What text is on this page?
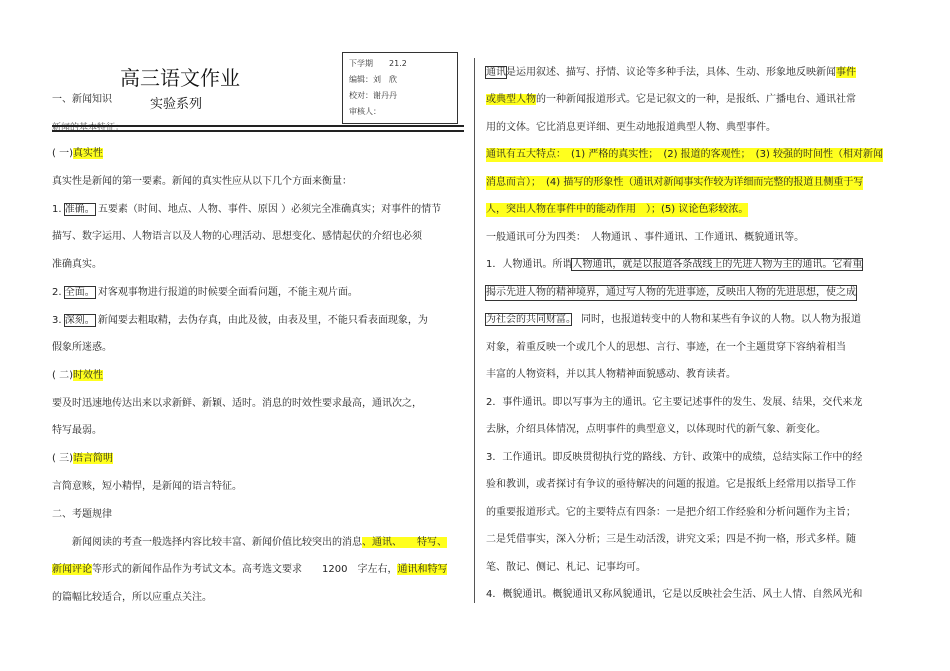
高三语文作业
实验系列
一、新闻知识
下学期　　 21.2
编辑：刘　欣
校对：谢丹丹
审核人：
新闻的基本特征：
( 一)真实性
真实性是新闻的第一要素。新闻的真实性应从以下几个方面来衡量：
1. 准确。 五要素（时间、地点、人物、事件、原因 ）必须完全准确真实；对事件的情节
描写、数字运用、人物语言以及人物的心理活动、思想变化、感情起伏的介绍也必须
准确真实。
2. 全面。 对客观事物进行报道的时候要全面看问题，不能主观片面。
3. 深刻。 新闻要去粗取精，去伪存真，由此及彼，由表及里，不能只看表面现象，为
假象所迷惑。
( 二)时效性
要及时迅速地传达出来以求新鲜、新颖、适时。消息的时效性要求最高，通讯次之，
特写最弱。
( 三)语言简明
言简意赅，短小精悍，是新闻的语言特征。
二、考题规律
新闻阅读的考查一般选择内容比较丰富、新闻价值比较突出的消息、通讯、　　特写、
新闻评论等形式的新闻作品作为考试文本。高考选文要求　　1200　字左右，通讯和特写
的篇幅比较适合，所以应重点关注。
通讯是运用叙述、描写、抒情、议论等多种手法，具体、生动、形象地反映新闻事件
或典型人物的一种新闻报道形式。它是记叙文的一种，是报纸、广播电台、通讯社常
用的文体。它比消息更详细、更生动地报道典型人物、典型事件。
通讯有五大特点：　(1) 严格的真实性；　(2) 报道的客观性；　(3) 较强的时间性（相对新闻
消息而言）；　(4) 描写的形象性（通讯对新闻事实作较为详细而完整的报道且侧重于写
人，突出人物在事件中的能动作用　）；(5) 议论色彩较浓。
一般通讯可分为四类：　人物通讯 、事件通讯、工作通讯、概貌通讯等。
1．人物通讯。所谓人物通讯，就是以报道各条战线上的先进人物为主的通讯。它着重
揭示先进人物的精神境界，通过写人物的先进事迹，反映出人物的先进思想，使之成
为社会的共同财富。　 同时，也报道转变中的人物和某些有争议的人物。以人物为报道
对象，着重反映一个或几个人的思想、言行、事迹，在一个主题贯穿下容纳着相当
丰富的人物资料，并以其人物精神面貌感动、教育读者。
2．事件通讯。即以写事为主的通讯。它主要记述事件的发生、发展、结果，交代来龙
去脉，介绍具体情况，点明事件的典型意义，以体现时代的新气象、新变化。
3．工作通讯。即反映贯彻执行党的路线、方针、政策中的成绩，总结实际工作中的经
验和教训，或者探讨有争议的亟待解决的问题的报道。它是报纸上经常用以指导工作
的重要报道形式。它的主要特点有四条：一是把介绍工作经验和分析问题作为主旨；
二是凭借事实，深入分析；三是生动活泼，讲究文采；四是不拘一格，形式多样。随
笔、散记、侧记、札记、记事均可。
4．概貌通讯。概貌通讯又称风貌通讯，它是以反映社会生活、风土人情、自然风光和
